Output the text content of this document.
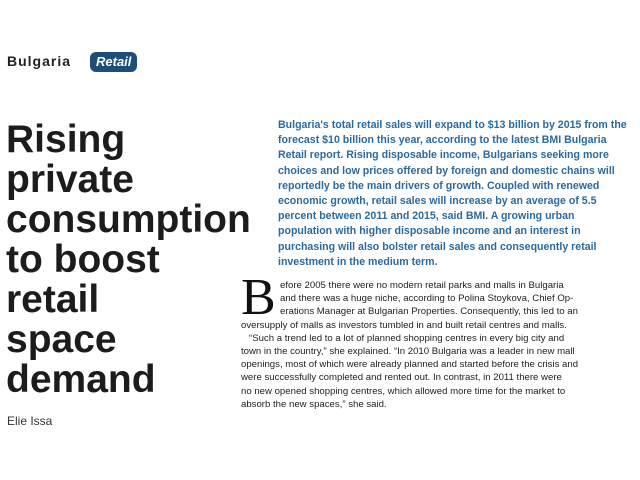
Bulgaria	Retail
Rising
private
consumption
to boost
retail
space
demand
Elie Issa
Bulgaria's total retail sales will expand to $13 billion by 2015 from the forecast $10 billion this year, according to the latest BMI Bulgaria Retail report. Rising disposable income, Bulgarians seeking more choices and low prices offered by foreign and domestic chains will reportedly be the main drivers of growth. Coupled with renewed economic growth, retail sales will increase by an average of 5.5 percent between 2011 and 2015, said BMI. A growing urban population with higher disposable income and an interest in purchasing will also bolster retail sales and consequently retail investment in the medium term.
B efore 2005 there were no modern retail parks and malls in Bulgaria
and there was a huge niche, according to Polina Stoykova, Chief Op-
erations Manager at Bulgarian Properties. Consequently, this led to an
oversupply of malls as investors tumbled in and built retail centres and malls.
“Such a trend led to a lot of planned shopping centres in every big city and
town in the country,” she explained. “In 2010 Bulgaria was a leader in new mall
openings, most of which were already planned and started before the crisis and
were successfully completed and rented out. In contrast, in 2011 there were
no new opened shopping centres, which allowed more time for the market to
absorb the new spaces,” she said.
